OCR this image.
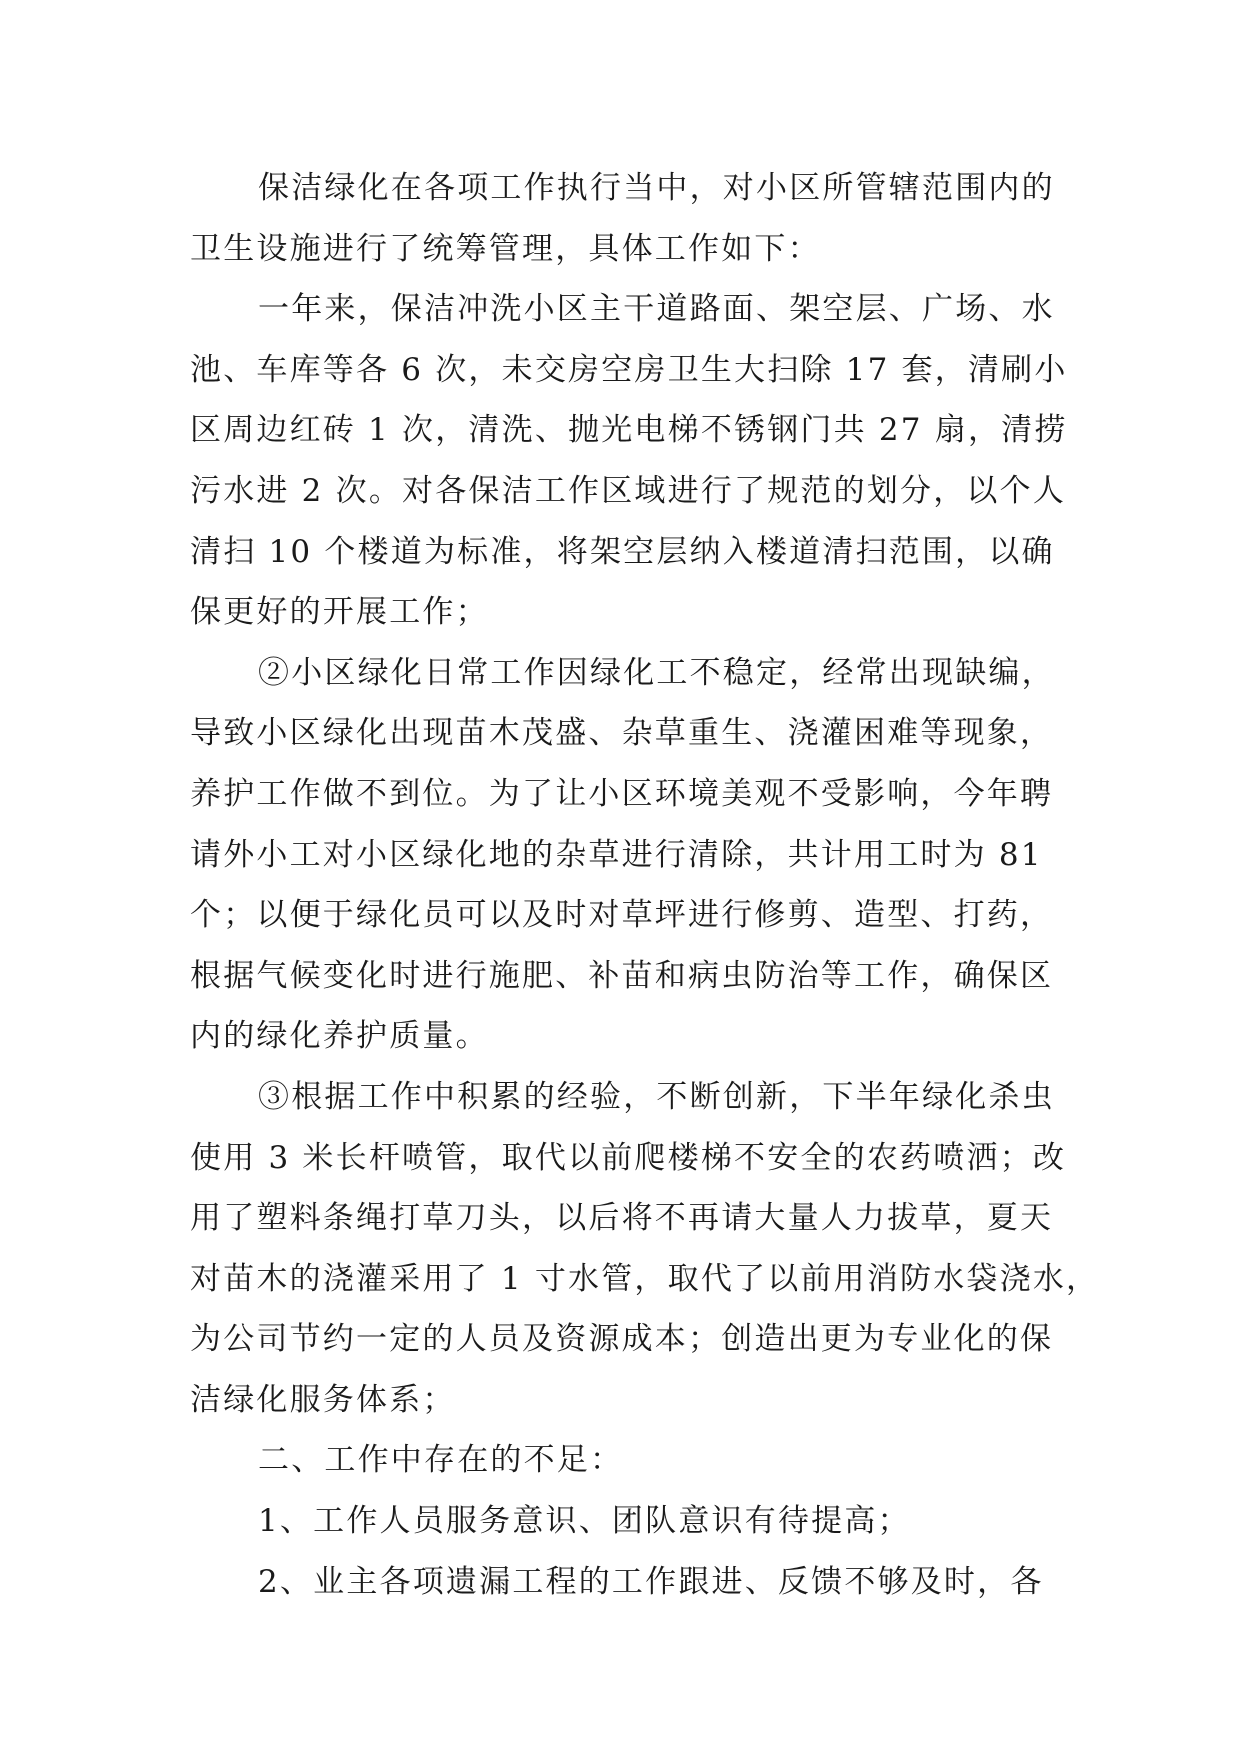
保洁绿化在各项工作执行当中，对小区所管辖范围内的
卫生设施进行了统筹管理，具体工作如下：
一年来，保洁冲洗小区主干道路面、架空层、广场、水
池、车库等各 6 次，未交房空房卫生大扫除 17 套，清刷小
区周边红砖 1 次，清洗、抛光电梯不锈钢门共 27 扇，清捞
污水进 2 次。对各保洁工作区域进行了规范的划分，以个人
清扫 10 个楼道为标准，将架空层纳入楼道清扫范围，以确
保更好的开展工作；
②小区绿化日常工作因绿化工不稳定，经常出现缺编，
导致小区绿化出现苗木茂盛、杂草重生、浇灌困难等现象，
养护工作做不到位。为了让小区环境美观不受影响，今年聘
请外小工对小区绿化地的杂草进行清除，共计用工时为 81
个；以便于绿化员可以及时对草坪进行修剪、造型、打药，
根据气候变化时进行施肥、补苗和病虫防治等工作，确保区
内的绿化养护质量。
③根据工作中积累的经验，不断创新，下半年绿化杀虫
使用 3 米长杆喷管，取代以前爬楼梯不安全的农药喷洒；改
用了塑料条绳打草刀头，以后将不再请大量人力拔草，夏天
对苗木的浇灌采用了 1 寸水管，取代了以前用消防水袋浇水，
为公司节约一定的人员及资源成本；创造出更为专业化的保
洁绿化服务体系；
二、工作中存在的不足：
1、工作人员服务意识、团队意识有待提高；
2、业主各项遗漏工程的工作跟进、反馈不够及时，各
